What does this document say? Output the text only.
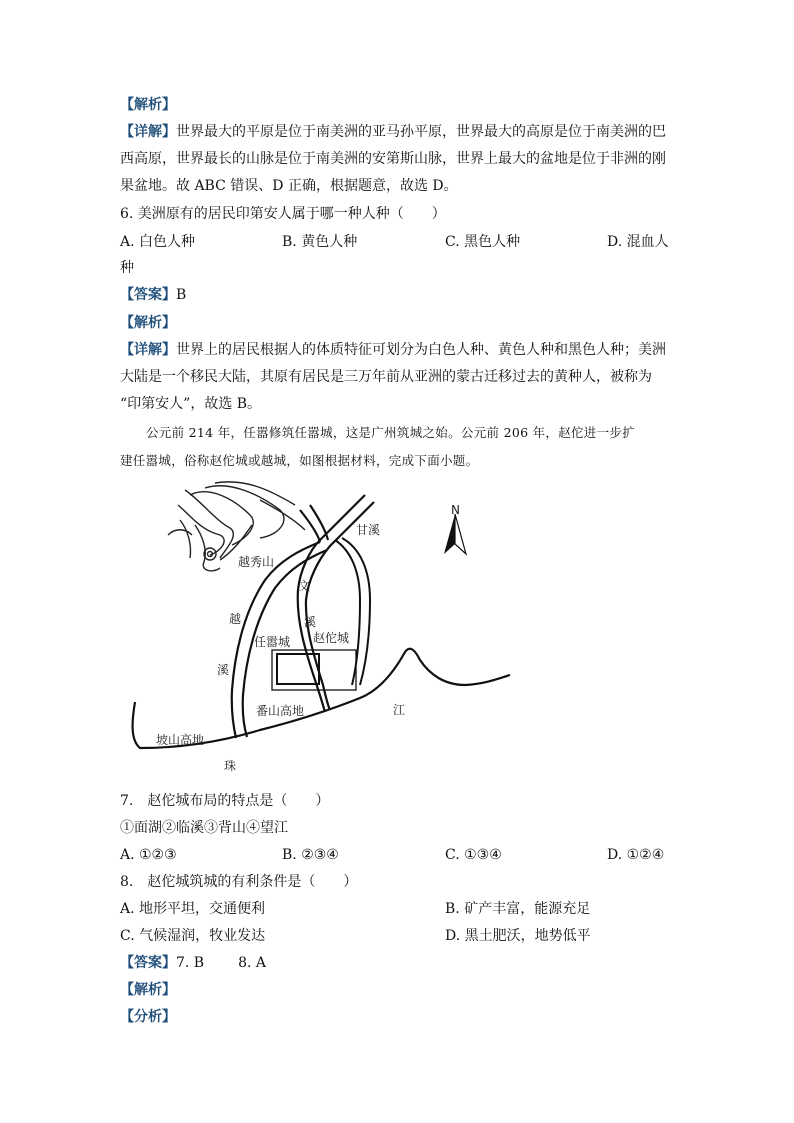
【解析】
【详解】世界最大的平原是位于南美洲的亚马孙平原，世界最大的高原是位于南美洲的巴
西高原，世界最长的山脉是位于南美洲的安第斯山脉，世界上最大的盆地是位于非洲的刚
果盆地。故 ABC 错误、D 正确，根据题意，故选 D。
6. 美洲原有的居民印第安人属于哪一种人种（　　）
A. 白色人种	B. 黄色人种	C. 黑色人种	D. 混血人
种
【答案】B
【解析】
【详解】世界上的居民根据人的体质特征可划分为白色人种、黄色人种和黑色人种；美洲
大陆是一个移民大陆，其原有居民是三万年前从亚洲的蒙古迁移过去的黄种人，被称为
“印第安人”，故选 B。
公元前 214 年，任嚣修筑任嚣城，这是广州筑城之始。公元前 206 年，赵佗进一步扩
建任嚣城，俗称赵佗城或越城，如图根据材料，完成下面小题。
N
甘溪
越秀山
文
越	溪
任嚣城 赵佗城
溪
番山高地	江
坡山高地
珠
7.　赵佗城布局的特点是（　　）
①面湖②临溪③背山④望江
A. ①②③	B. ②③④	C. ①③④	D. ①②④
8.　赵佗城筑城的有利条件是（　　）
A. 地形平坦，交通便利	B. 矿产丰富，能源充足
C. 气候湿润，牧业发达	D. 黑土肥沃，地势低平
【答案】7. B 8. A
【解析】
【分析】
